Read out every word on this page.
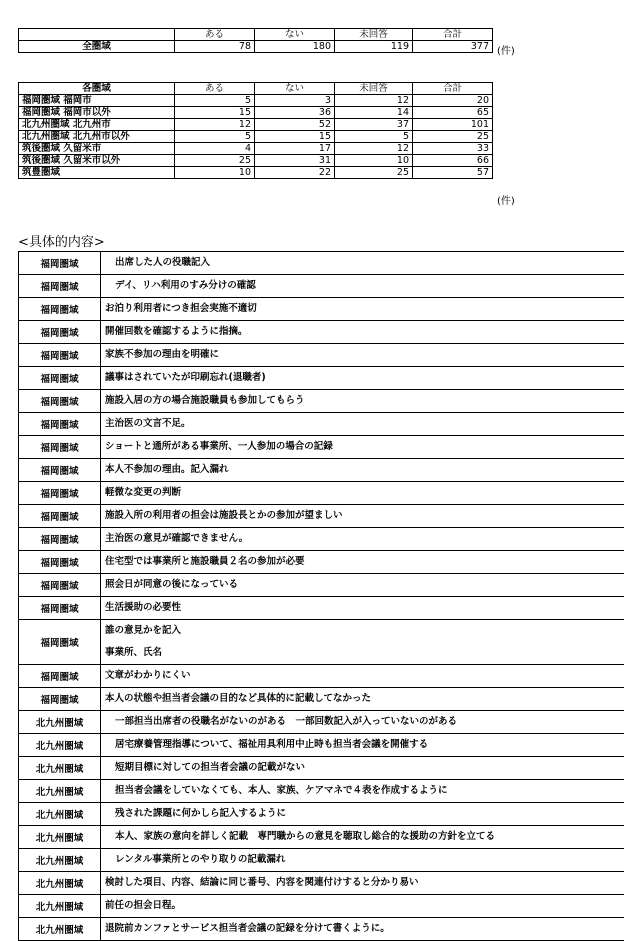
	ある	ない	未回答	合計
全圏域	78	180	119	377 (件)
各圏域	ある	ない	未回答	合計
福岡圏域 福岡市	5	3	12	20
福岡圏域 福岡市以外	15	36	14	65
北九州圏域 北九州市	12	52	37	101
北九州圏域 北九州市以外	5	15	5	25
筑後圏域 久留米市	4	17	12	33
筑後圏域 久留米市以外	25	31	10	66
筑豊圏域	10	22	25	57
(件)
<具体的内容>
福岡圏域	出席した人の役職記入

福岡圏域	デイ、リハ利用のすみ分けの確認

福岡圏域	お泊り利用者につき担会実施不適切

福岡圏域	開催回数を確認するように指摘。

福岡圏域	家族不参加の理由を明確に

福岡圏域	議事はされていたが印刷忘れ(退職者)

福岡圏域	施設入居の方の場合施設職員も参加してもらう

福岡圏域	主治医の文言不足。

福岡圏域	ショートと通所がある事業所、一人参加の場合の記録

福岡圏域	本人不参加の理由。記入漏れ

福岡圏域	軽微な変更の判断

福岡圏域	施設入所の利用者の担会は施設長とかの参加が望ましい

福岡圏域	主治医の意見が確認できません。

福岡圏域	住宅型では事業所と施設職員２名の参加が必要

福岡圏域	照会日が同意の後になっている

福岡圏域	生活援助の必要性

福岡圏域	誰の意見かを記入
事業所、氏名

福岡圏域	文章がわかりにくい

福岡圏域	本人の状態や担当者会議の目的など具体的に記載してなかった

北九州圏域	一部担当出席者の役職名がないのがある　一部回数記入が入っていないのがある

北九州圏域	居宅療養管理指導について、福祉用具利用中止時も担当者会議を開催する

北九州圏域	短期目標に対しての担当者会議の記載がない

北九州圏域	担当者会議をしていなくても、本人、家族、ケアマネで４表を作成するように

北九州圏域	残された課題に何かしら記入するように

北九州圏域	本人、家族の意向を詳しく記載　専門職からの意見を聴取し総合的な援助の方針を立てる

北九州圏域	レンタル事業所とのやり取りの記載漏れ

北九州圏域	検討した項目、内容、結論に同じ番号、内容を関連付けすると分かり易い

北九州圏域	前任の担会日程。

北九州圏域	退院前カンファとサービス担当者会議の記録を分けて書くように。
